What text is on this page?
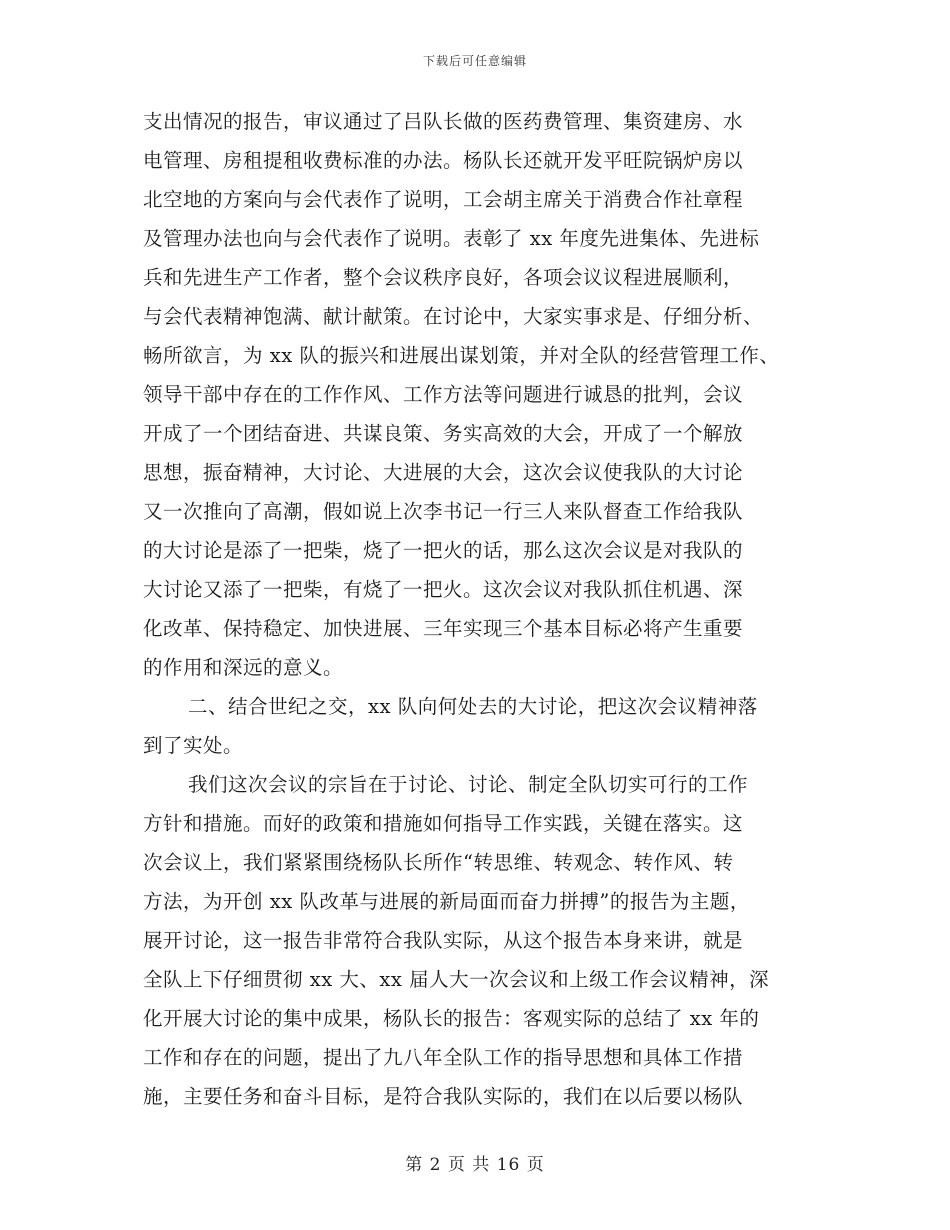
下载后可任意编辑
支出情况的报告，审议通过了吕队长做的医药费管理、集资建房、水
电管理、房租提租收费标准的办法。杨队长还就开发平旺院锅炉房以
北空地的方案向与会代表作了说明，工会胡主席关于消费合作社章程
及管理办法也向与会代表作了说明。表彰了 xx 年度先进集体、先进标
兵和先进生产工作者，整个会议秩序良好，各项会议议程进展顺利，
与会代表精神饱满、献计献策。在讨论中，大家实事求是、仔细分析、
畅所欲言，为 xx 队的振兴和进展出谋划策，并对全队的经营管理工作、
领导干部中存在的工作作风、工作方法等问题进行诚恳的批判，会议
开成了一个团结奋进、共谋良策、务实高效的大会，开成了一个解放
思想，振奋精神，大讨论、大进展的大会，这次会议使我队的大讨论
又一次推向了高潮，假如说上次李书记一行三人来队督查工作给我队
的大讨论是添了一把柴，烧了一把火的话，那么这次会议是对我队的
大讨论又添了一把柴，有烧了一把火。这次会议对我队抓住机遇、深
化改革、保持稳定、加快进展、三年实现三个基本目标必将产生重要
的作用和深远的意义。
二、结合世纪之交，xx 队向何处去的大讨论，把这次会议精神落
到了实处。
我们这次会议的宗旨在于讨论、讨论、制定全队切实可行的工作
方针和措施。而好的政策和措施如何指导工作实践，关键在落实。这
次会议上，我们紧紧围绕杨队长所作“转思维、转观念、转作风、转
方法，为开创 xx 队改革与进展的新局面而奋力拼搏”的报告为主题，
展开讨论，这一报告非常符合我队实际，从这个报告本身来讲，就是
全队上下仔细贯彻 xx 大、xx 届人大一次会议和上级工作会议精神，深
化开展大讨论的集中成果，杨队长的报告：客观实际的总结了 xx 年的
工作和存在的问题，提出了九八年全队工作的指导思想和具体工作措
施，主要任务和奋斗目标，是符合我队实际的，我们在以后要以杨队
第 2 页 共 16 页
